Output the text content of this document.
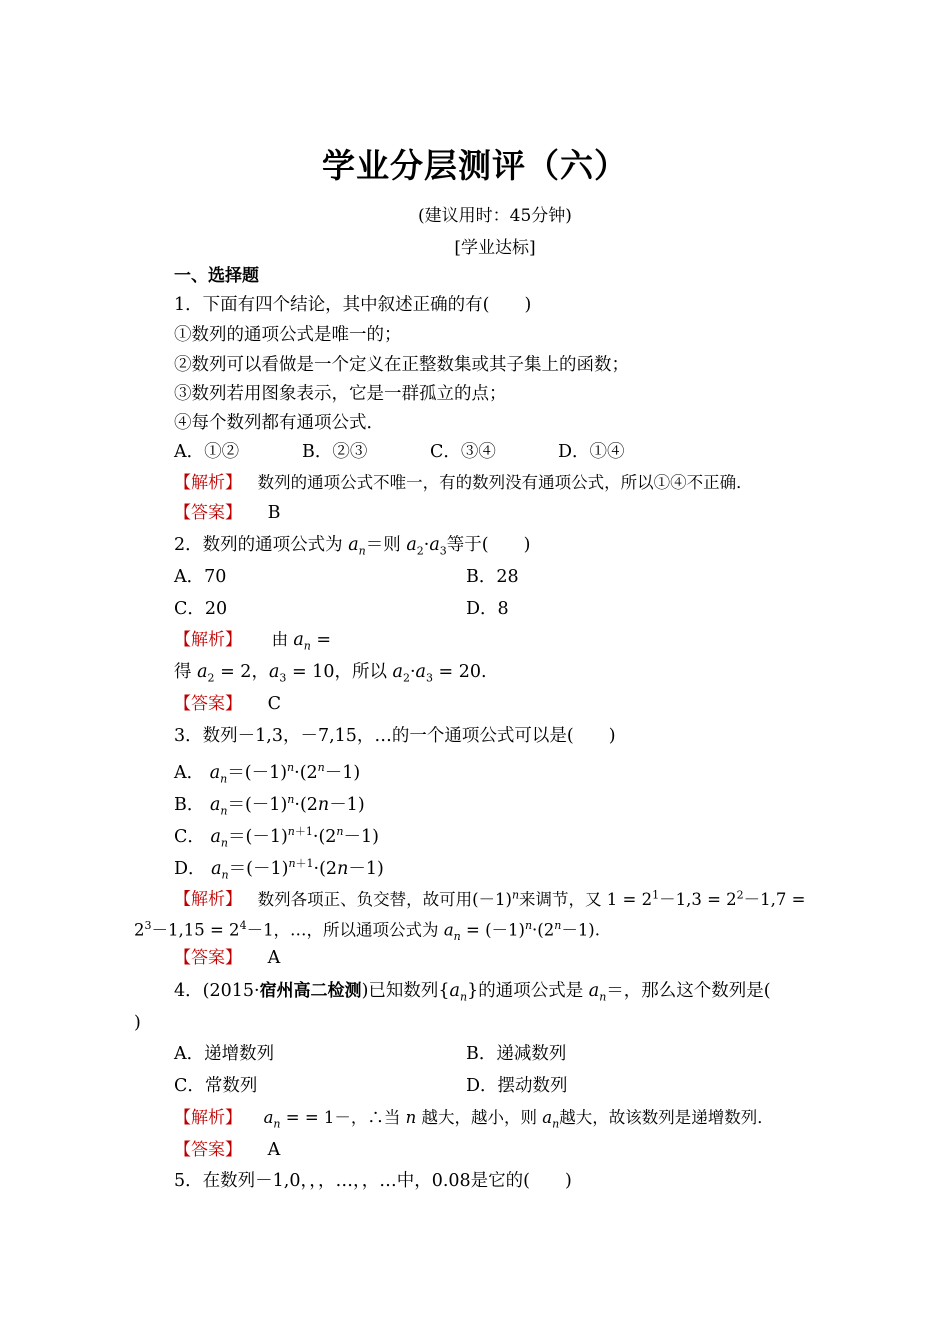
学业分层测评（六）
(建议用时：45分钟)
[学业达标]
一、选择题
1．下面有四个结论，其中叙述正确的有(　　)
①数列的通项公式是唯一的；
②数列可以看做是一个定义在正整数集或其子集上的函数；
③数列若用图象表示，它是一群孤立的点；
④每个数列都有通项公式．
A．①②	B．②③	C．③④	D．①④
【解析】 数列的通项公式不唯一，有的数列没有通项公式，所以①④不正确．
【答案】 B
2．数列的通项公式为 $a_n=$则 $a_2\cdot a_3$等于(　　)
A．70	B．28
C．20	D．8
【解析】 由 $a_n$ =
得 $a_2 = 2$，$a_3 = 10$，所以 $a_2\cdot a_3 = 20$.
【答案】 C
3．数列－1,3，－7,15，…的一个通项公式可以是(　　)
A． $a_n=(-1)^n\cdot(2^n-1)$
B． $a_n=(-1)^n\cdot(2n-1)$
C． $a_n=(-1)^{n+1}\cdot(2^n-1)$
D． $a_n=(-1)^{n+1}\cdot(2n-1)$
【解析】 数列各项正、负交替，故可用$(-1)^n$来调节，又 $1 = 2^1-1,3 = 2^2-1,7$ =
$2^3-1,15 = 2^4-1$，…，所以通项公式为 $a_n = (-1)^n\cdot(2^n-1)$.
【答案】 A
4．(2015·宿州高二检测)已知数列$\{a_n\}$的通项公式是 $a_n=$，那么这个数列是(
)
A．递增数列	B．递减数列
C．常数列	D．摆动数列
【解析】 $a_n$ = = 1－，∴当 n 越大，越小，则 $a_n$越大，故该数列是递增数列．
【答案】 A
5．在数列－1,0，，，…，，…中，0.08是它的(　　)
